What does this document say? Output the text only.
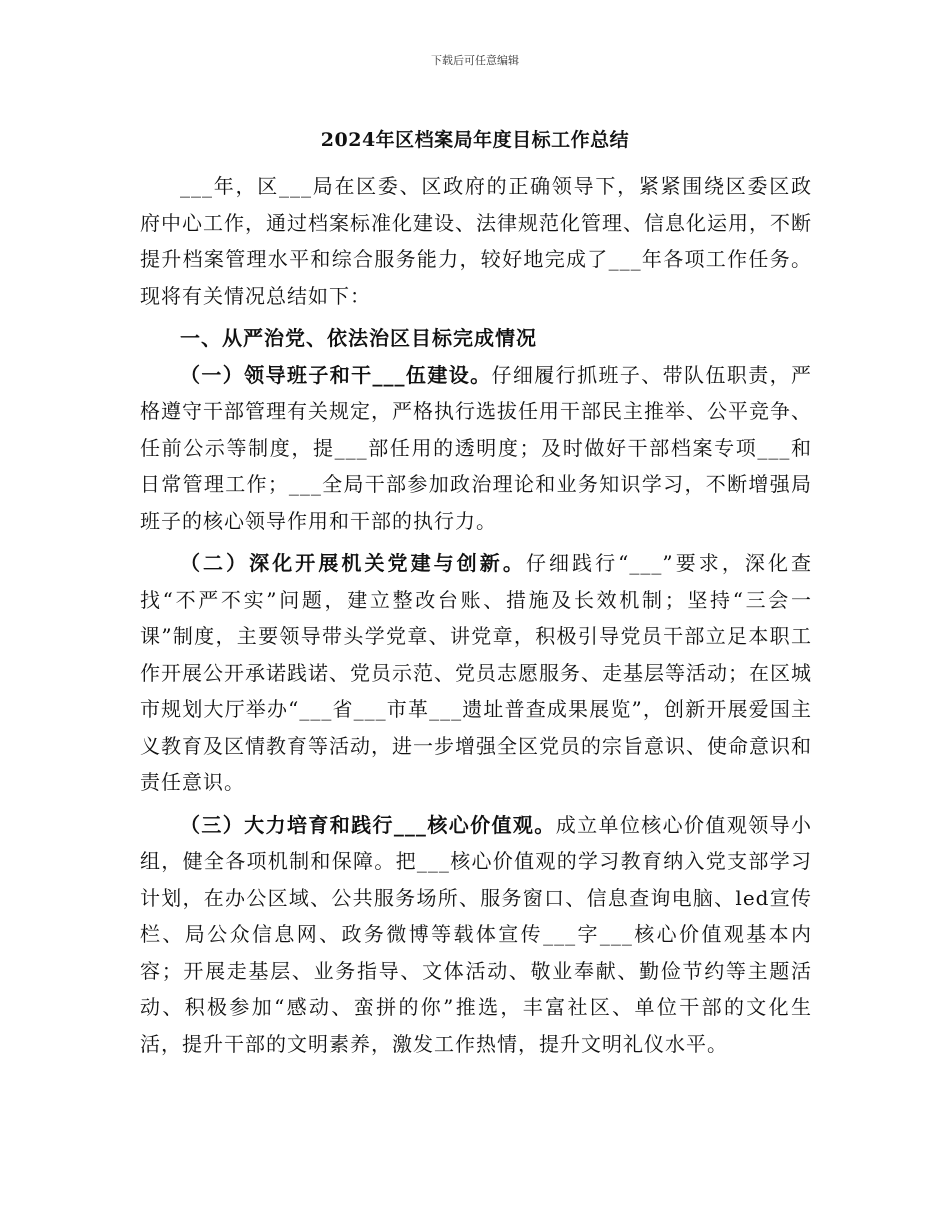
下载后可任意编辑
2024年区档案局年度目标工作总结

___年，区___局在区委、区政府的正确领导下，紧紧围绕区委区政府中心工作，通过档案标准化建设、法律规范化管理、信息化运用，不断提升档案管理水平和综合服务能力，较好地完成了___年各项工作任务。现将有关情况总结如下：

一、从严治党、依法治区目标完成情况

（一）领导班子和干___伍建设。仔细履行抓班子、带队伍职责，严格遵守干部管理有关规定，严格执行选拔任用干部民主推举、公平竞争、任前公示等制度，提___部任用的透明度；及时做好干部档案专项___和日常管理工作；___全局干部参加政治理论和业务知识学习，不断增强局班子的核心领导作用和干部的执行力。

（二）深化开展机关党建与创新。仔细践行“___”要求，深化查找“不严不实”问题，建立整改台账、措施及长效机制；坚持“三会一课”制度，主要领导带头学党章、讲党章，积极引导党员干部立足本职工作开展公开承诺践诺、党员示范、党员志愿服务、走基层等活动；在区城市规划大厅举办“___省___市革___遗址普查成果展览”，创新开展爱国主义教育及区情教育等活动，进一步增强全区党员的宗旨意识、使命意识和责任意识。

（三）大力培育和践行___核心价值观。成立单位核心价值观领导小组，健全各项机制和保障。把___核心价值观的学习教育纳入党支部学习计划，在办公区域、公共服务场所、服务窗口、信息查询电脑、led宣传栏、局公众信息网、政务微博等载体宣传___字___核心价值观基本内容；开展走基层、业务指导、文体活动、敬业奉献、勤俭节约等主题活动、积极参加“感动、蛮拼的你”推选，丰富社区、单位干部的文化生活，提升干部的文明素养，激发工作热情，提升文明礼仪水平。
